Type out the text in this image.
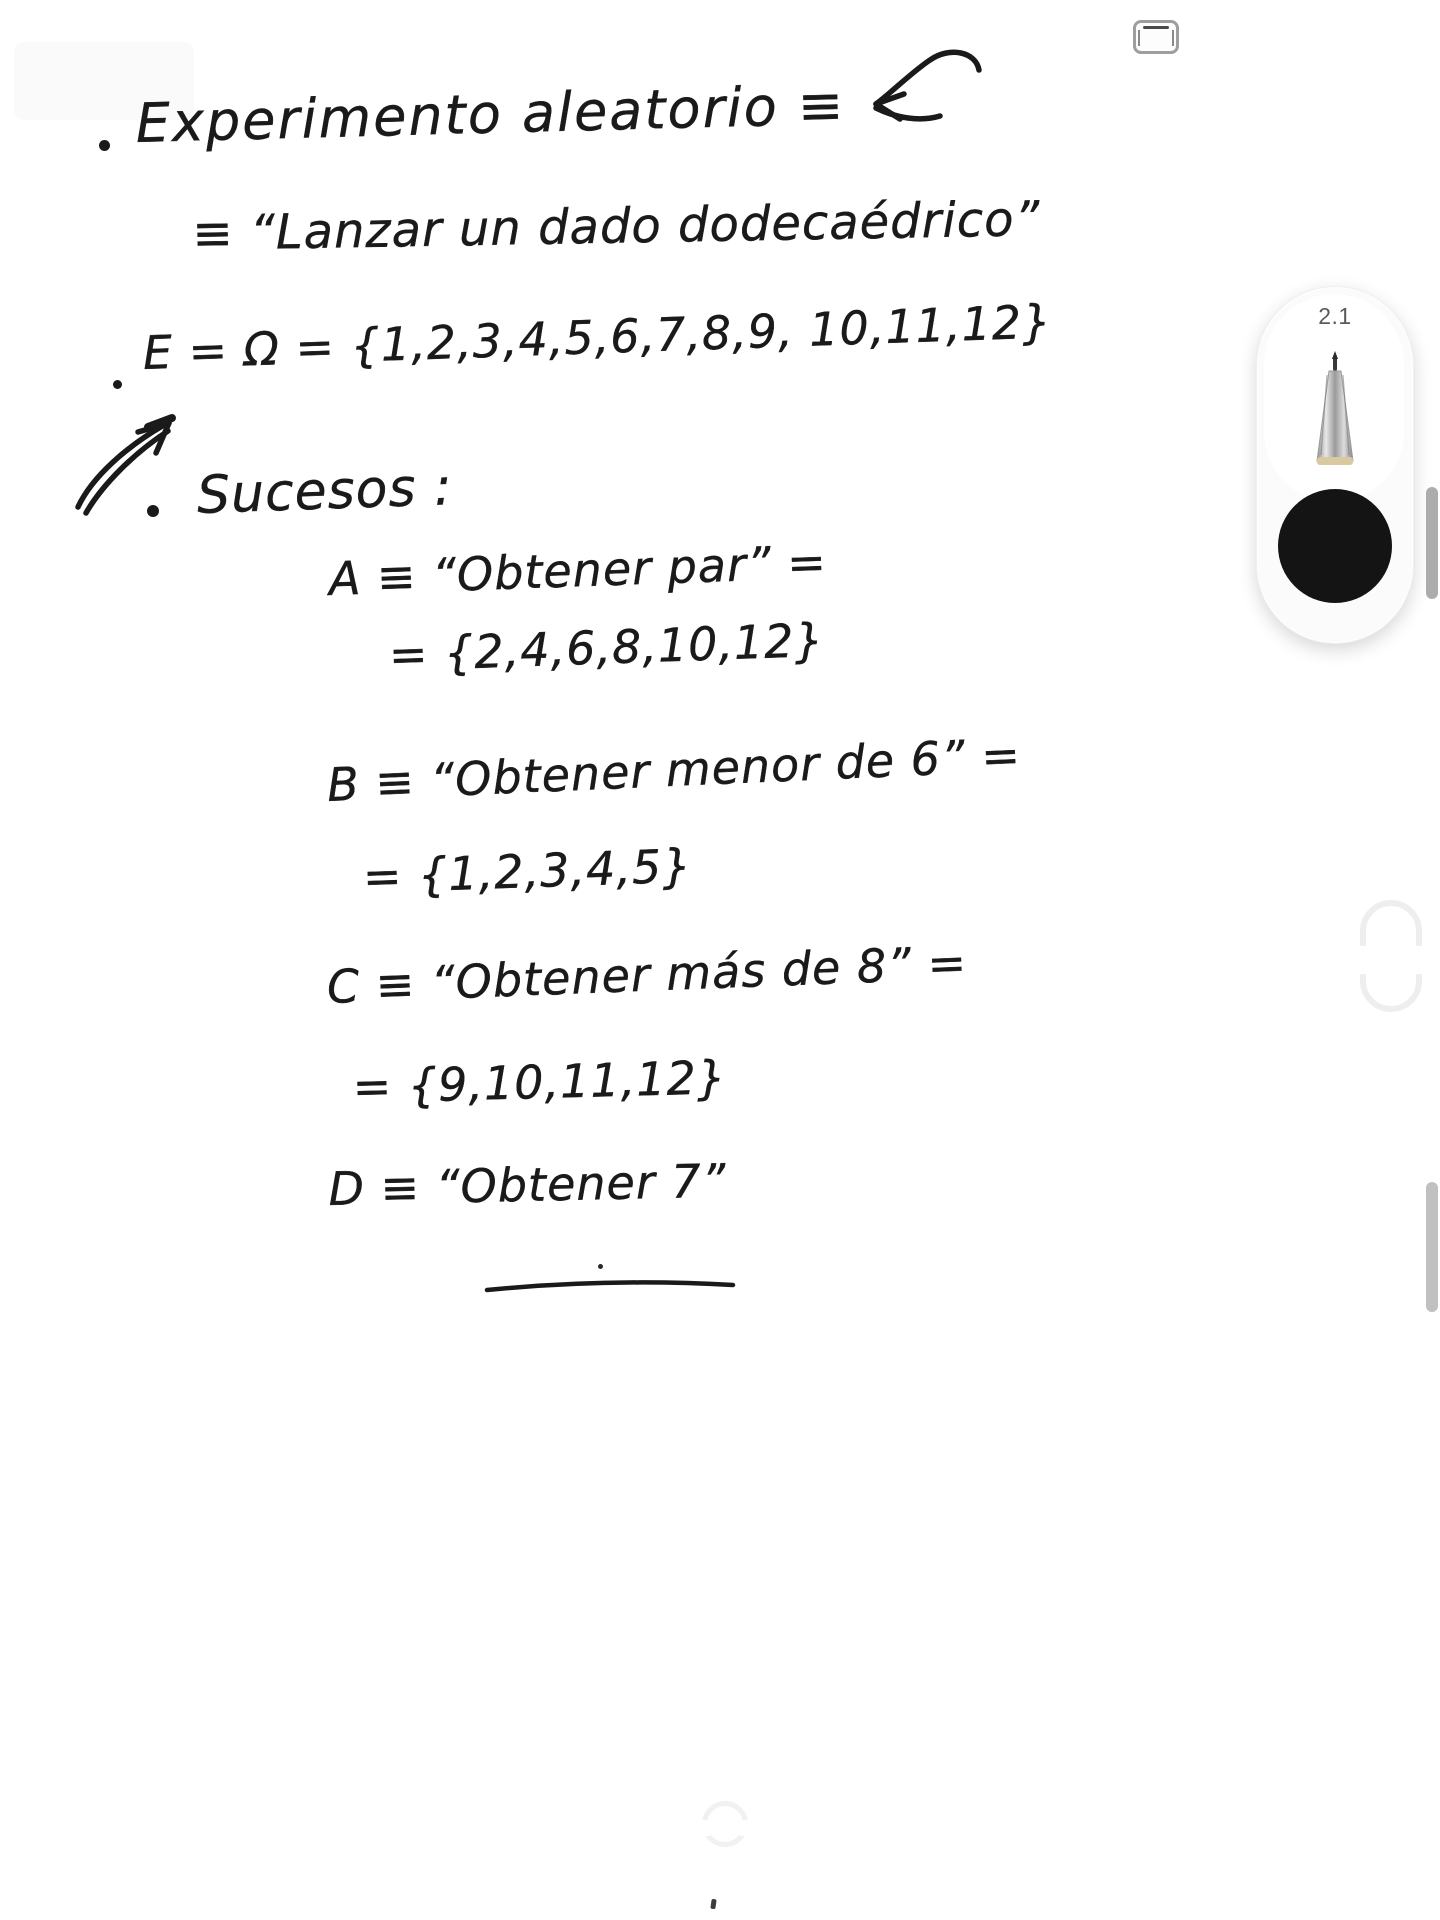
Experimento aleatorio ≡
≡ “Lanzar un dado dodecaédrico”
E = Ω = {1,2,3,4,5,6,7,8,9, 10,11,12}
Sucesos :
A ≡ “Obtener par” =
= {2,4,6,8,10,12}
B ≡ “Obtener menor de 6” =
= {1,2,3,4,5}
C ≡ “Obtener más de 8” =
= {9,10,11,12}
D ≡ “Obtener 7”
2.1
